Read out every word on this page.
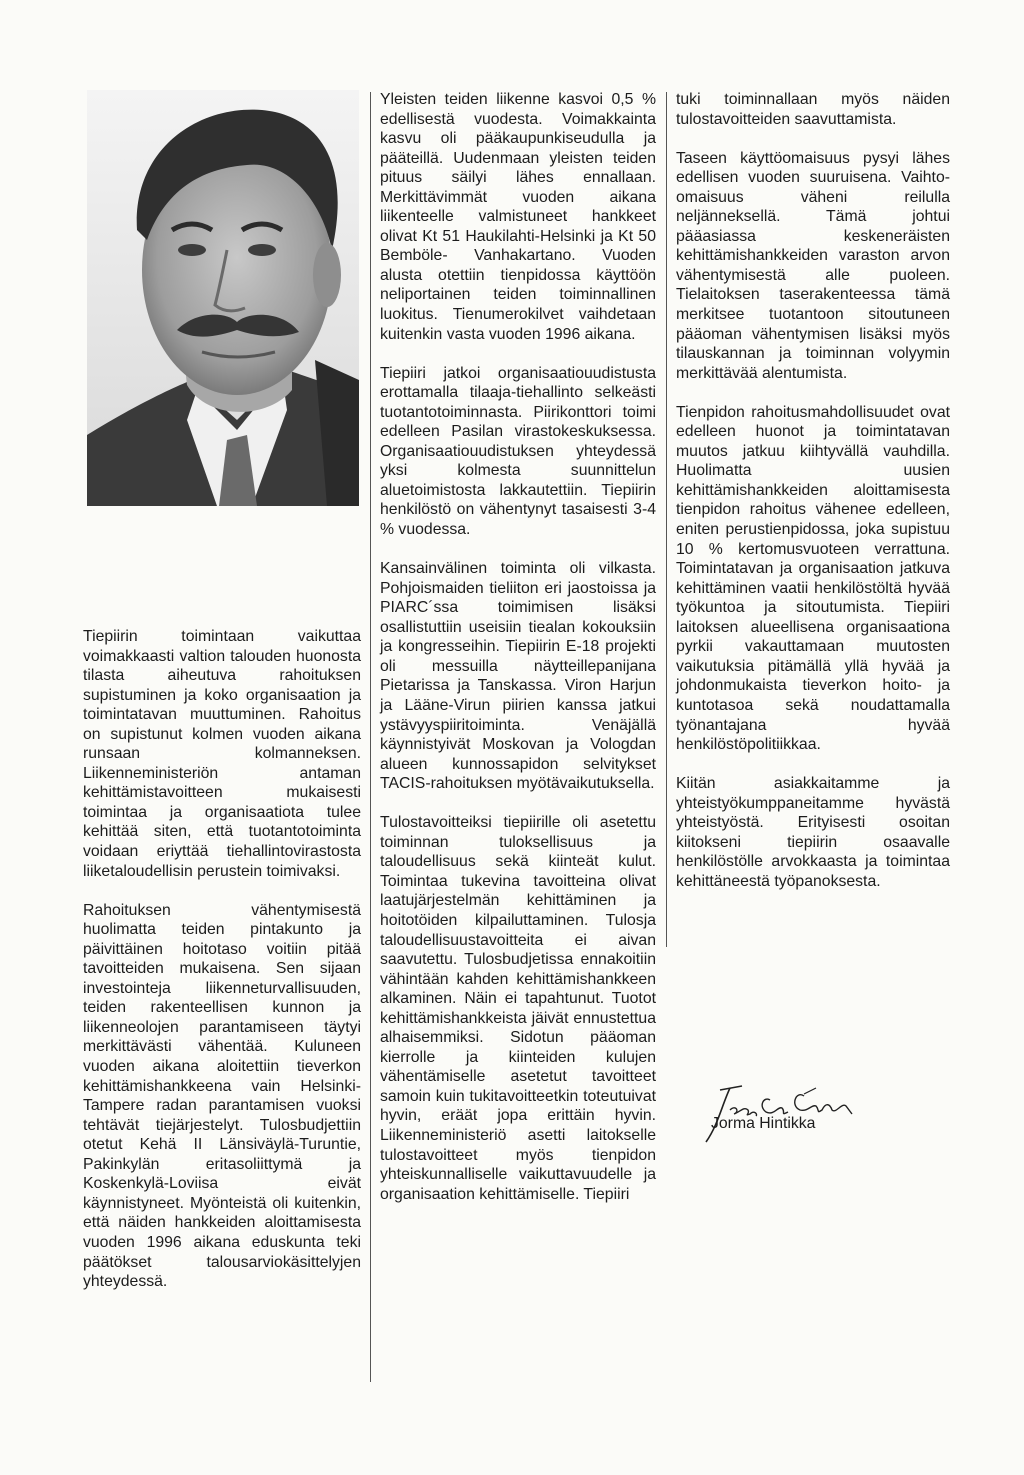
Tiepiirin toimintaan vaikuttaa voimakkaasti valtion talouden huonosta tilasta aiheutuva rahoituksen supistuminen ja koko organisaation ja toimintatavan muuttuminen. Rahoitus on supistunut kolmen vuoden aikana runsaan kolmanneksen. Liikenneministeriön antaman kehittämistavoitteen mukaisesti toimintaa ja organisaatiota tulee kehittää siten, että tuotantotoiminta voidaan eriyttää tiehallintovirastosta liiketaloudellisin perustein toimivaksi.

Rahoituksen vähentymisestä huolimatta teiden pintakunto ja päivittäinen hoitotaso voitiin pitää tavoitteiden mukaisena. Sen sijaan investointeja liikenneturvallisuuden, teiden rakenteellisen kunnon ja liikenneolojen parantamiseen täytyi merkittävästi vähentää. Kuluneen vuoden aikana aloitettiin tieverkon kehittämishankkeena vain Helsinki-Tampere radan parantamisen vuoksi tehtävät tiejärjestelyt. Tulosbudjettiin otetut Kehä II Länsiväylä-Turuntie, Pakinkylän eritasoliittymä ja Koskenkylä-Loviisa eivät käynnistyneet. Myönteistä oli kuitenkin, että näiden hankkeiden aloittamisesta vuoden 1996 aikana eduskunta teki päätökset talousarviokäsittelyjen yhteydessä.

Yleisten teiden liikenne kasvoi 0,5 % edellisestä vuodesta. Voimakkainta kasvu oli pääkaupunkiseudulla ja pääteillä. Uudenmaan yleisten teiden pituus säilyi lähes ennallaan. Merkittävimmät vuoden aikana liikenteelle valmistuneet hankkeet olivat Kt 51 Haukilahti-Helsinki ja Kt 50 Bemböle- Vanhakartano. Vuoden alusta otettiin tienpidossa käyttöön neliportainen teiden toiminnallinen luokitus. Tienumerokilvet vaihdetaan kuitenkin vasta vuoden 1996 aikana.

Tiepiiri jatkoi organisaatiouudistusta erottamalla tilaaja-tiehallinto selkeästi tuotantotoiminnasta. Piirikonttori toimi edelleen Pasilan virastokeskuksessa. Organisaatiouudistuksen yhteydessä yksi kolmesta suunnittelun aluetoimistosta lakkautettiin. Tiepiirin henkilöstö on vähentynyt tasaisesti 3-4 % vuodessa.

Kansainvälinen toiminta oli vilkasta. Pohjoismaiden tieliiton eri jaostoissa ja PIARC´ssa toimimisen lisäksi osallistuttiin useisiin tiealan kokouksiin ja kongresseihin. Tiepiirin E-18 projekti oli messuilla näytteillepanijana Pietarissa ja Tanskassa. Viron Harjun ja Lääne-Virun piirien kanssa jatkui ystävyyspiiritoiminta. Venäjällä käynnistyivät Moskovan ja Vologdan alueen kunnossapidon selvitykset TACIS-rahoituksen myötävaikutuksella.

Tulostavoitteiksi tiepiirille oli asetettu toiminnan tuloksellisuus ja taloudellisuus sekä kiinteät kulut. Toimintaa tukevina tavoitteina olivat laatujärjestelmän kehittäminen ja hoitotöiden kilpailuttaminen. Tulosja taloudellisuustavoitteita ei aivan saavutettu. Tulosbudjetissa ennakoitiin vähintään kahden kehittämishankkeen alkaminen. Näin ei tapahtunut. Tuotot kehittämishankkeista jäivät ennustettua alhaisemmiksi. Sidotun pääoman kierrolle ja kiinteiden kulujen vähentämiselle asetetut tavoitteet samoin kuin tukitavoitteetkin toteutuivat hyvin, eräät jopa erittäin hyvin. Liikenneministeriö asetti laitokselle tulostavoitteet myös tienpidon yhteiskunnalliselle vaikuttavuudelle ja organisaation kehittämiselle. Tiepiiri

tuki toiminnallaan myös näiden tulostavoitteiden saavuttamista.

Taseen käyttöomaisuus pysyi lähes edellisen vuoden suuruisena. Vaihto-omaisuus väheni reilulla neljänneksellä. Tämä johtui pääasiassa keskeneräisten kehittämishankkeiden varaston arvon vähentymisestä alle puoleen. Tielaitoksen taserakenteessa tämä merkitsee tuotantoon sitoutuneen pääoman vähentymisen lisäksi myös tilauskannan ja toiminnan volyymin merkittävää alentumista.

Tienpidon rahoitusmahdollisuudet ovat edelleen huonot ja toimintatavan muutos jatkuu kiihtyvällä vauhdilla. Huolimatta uusien kehittämishankkeiden aloittamisesta tienpidon rahoitus vähenee edelleen, eniten perustienpidossa, joka supistuu 10 % kertomusvuoteen verrattuna. Toimintatavan ja organisaation jatkuva kehittäminen vaatii henkilöstöltä hyvää työkuntoa ja sitoutumista. Tiepiiri laitoksen alueellisena organisaationa pyrkii vakauttamaan muutosten vaikutuksia pitämällä yllä hyvää ja johdonmukaista tieverkon hoito- ja kuntotasoa sekä noudattamalla työnantajana hyvää henkilöstöpolitiikkaa.

Kiitän asiakkaitamme ja yhteistyökumppaneitamme hyvästä yhteistyöstä. Erityisesti osoitan kiitokseni tiepiirin osaavalle henkilöstölle arvokkaasta ja toimintaa kehittäneestä työpanoksesta.

Jorma Hintikka
